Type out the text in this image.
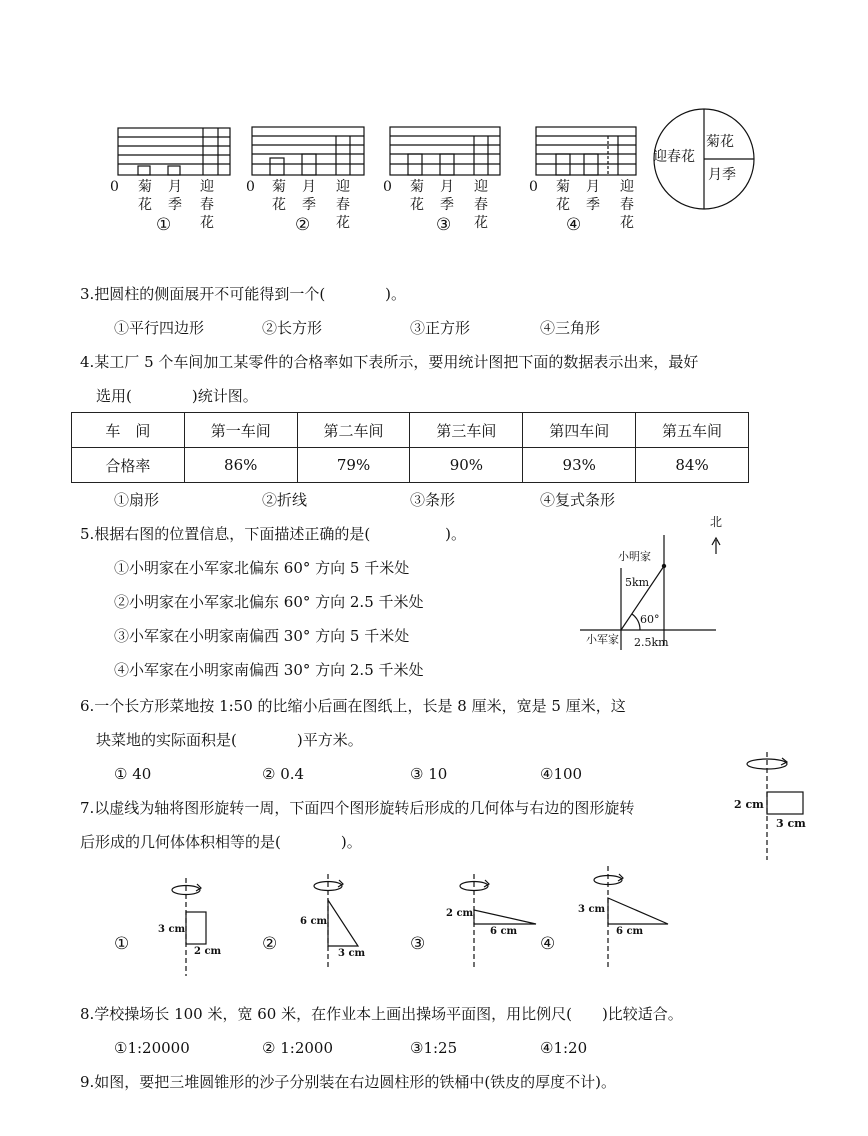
0 菊
花
月
季
迎
春
花
①
0 菊
花
月
季
迎
春
花
②
0 菊
花
月
季
迎
春
花
③
0 菊
花
月
季
迎
春
花
④
迎春花
菊花
月季
3.把圆柱的侧面展开不可能得到一个(　　　　)。
①平行四边形	②长方形	③正方形	④三角形
4.某工厂 5 个车间加工某零件的合格率如下表所示，要用统计图把下面的数据表示出来，最好
选用(　　　　)统计图。
车　间	第一车间	第二车间	第三车间	第四车间	第五车间
合格率	86%	79%	90%	93%	84%
①扇形	②折线	③条形	④复式条形
5.根据右图的位置信息，下面描述正确的是(　　　　　)。
①小明家在小军家北偏东 60° 方向 5 千米处
②小明家在小军家北偏东 60° 方向 2.5 千米处
③小军家在小明家南偏西 30° 方向 5 千米处
④小军家在小明家南偏西 30° 方向 2.5 千米处
北
小明家
5km
60°
小军家 2.5km
6.一个长方形菜地按 1:50 的比缩小后画在图纸上，长是 8 厘米，宽是 5 厘米，这
块菜地的实际面积是(　　　　)平方米。
① 40	② 0.4	③ 10	④100
7.以虚线为轴将图形旋转一周，下面四个图形旋转后形成的几何体与右边的图形旋转
后形成的几何体体积相等的是(　　　　)。
2 cm
3 cm
3 cm
2 cm
①
6 cm
3 cm
②
2 cm
6 cm
③	④
3 cm
6 cm
8.学校操场长 100 米，宽 60 米，在作业本上画出操场平面图，用比例尺(　　)比较适合。
①1:20000	② 1:2000	③1:25	④1:20
9.如图，要把三堆圆锥形的沙子分别装在右边圆柱形的铁桶中(铁皮的厚度不计)。
